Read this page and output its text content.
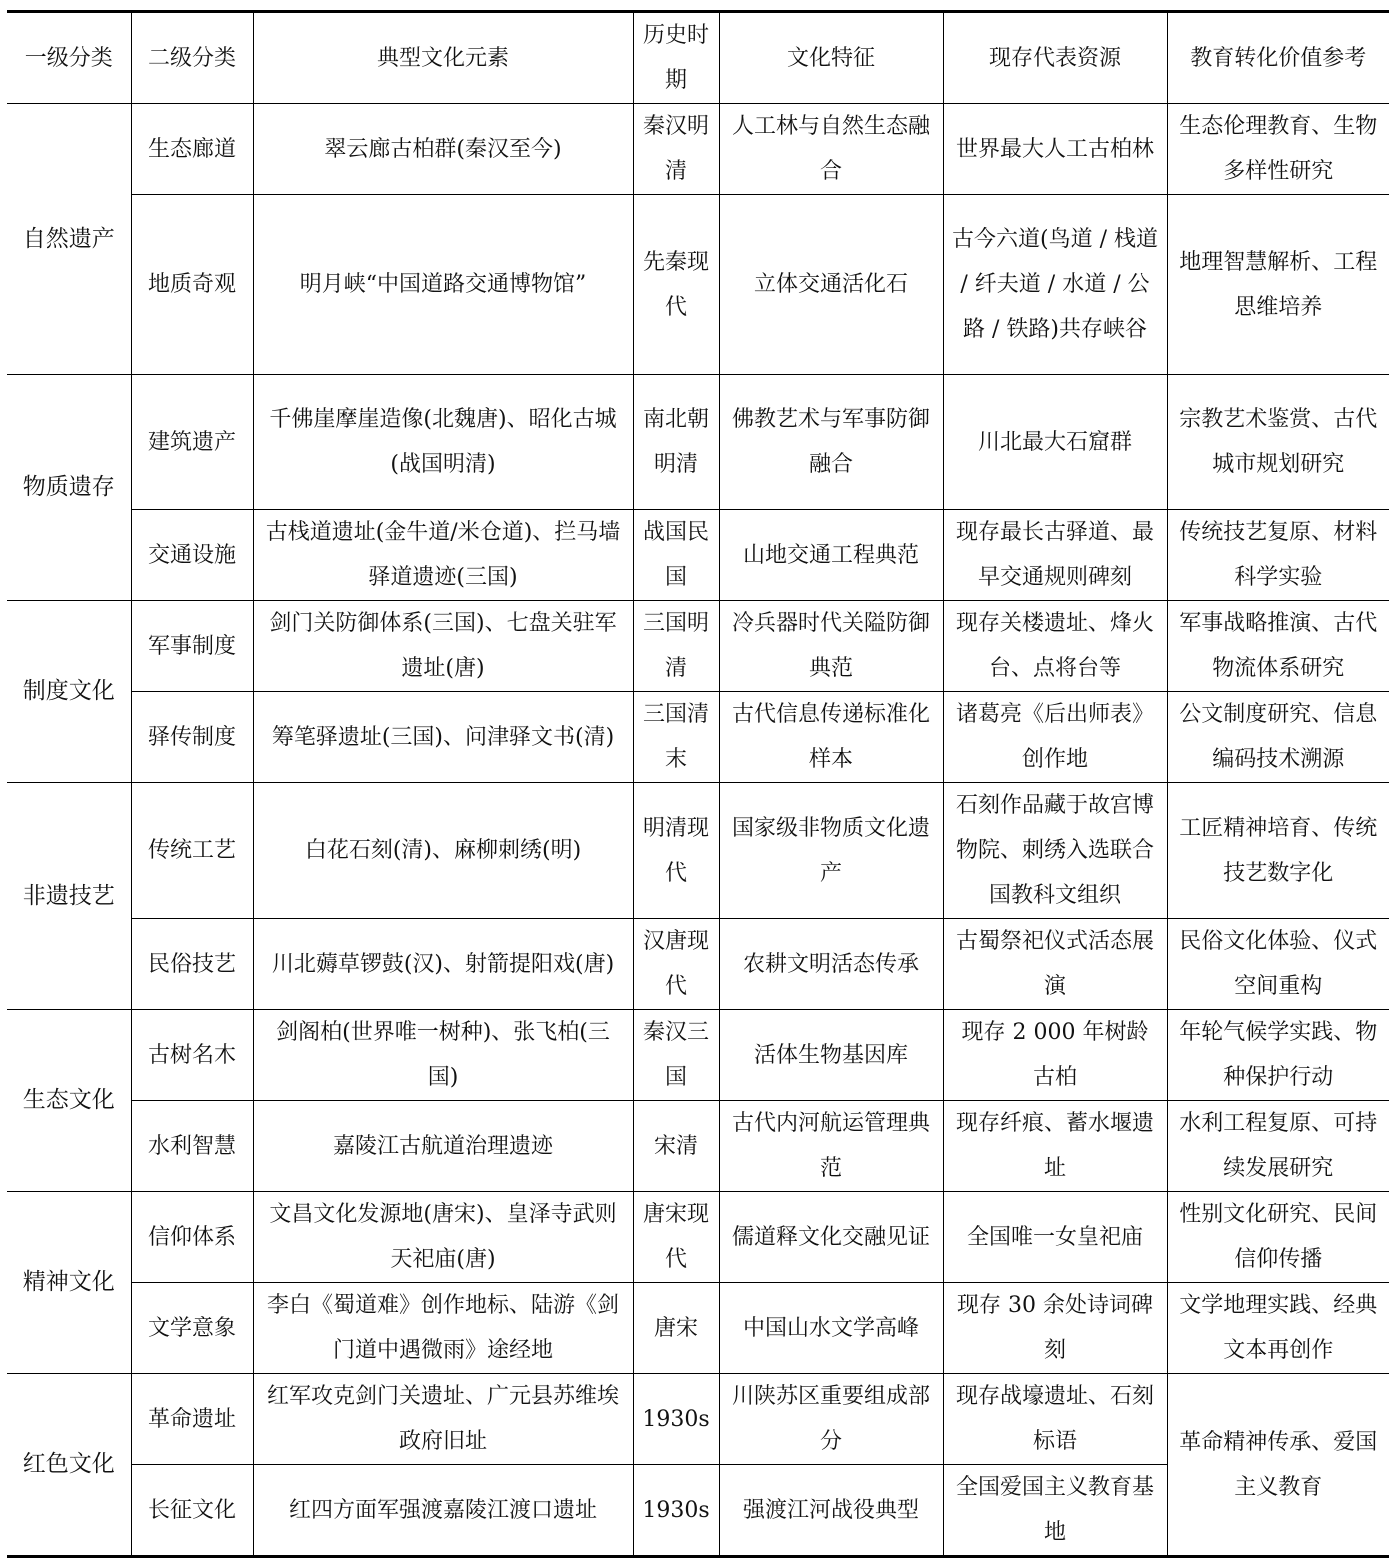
一级分类	二级分类	典型文化元素	历史时期	文化特征	现存代表资源	教育转化价值参考
自然遗产	生态廊道	翠云廊古柏群(秦汉至今)	秦汉明清	人工林与自然生态融合	世界最大人工古柏林	生态伦理教育、生物多样性研究
	地质奇观	明月峡“中国道路交通博物馆”	先秦现代	立体交通活化石	古今六道(鸟道 / 栈道 / 纤夫道 / 水道 / 公路 / 铁路)共存峡谷	地理智慧解析、工程思维培养
物质遗存	建筑遗产	千佛崖摩崖造像(北魏唐)、昭化古城(战国明清)	南北朝明清	佛教艺术与军事防御融合	川北最大石窟群	宗教艺术鉴赏、古代城市规划研究
	交通设施	古栈道遗址(金牛道/米仓道)、拦马墙驿道遗迹(三国)	战国民国	山地交通工程典范	现存最长古驿道、最早交通规则碑刻	传统技艺复原、材料科学实验
制度文化	军事制度	剑门关防御体系(三国)、七盘关驻军遗址(唐)	三国明清	冷兵器时代关隘防御典范	现存关楼遗址、烽火台、点将台等	军事战略推演、古代物流体系研究
	驿传制度	筹笔驿遗址(三国)、问津驿文书(清)	三国清末	古代信息传递标准化样本	诸葛亮《后出师表》创作地	公文制度研究、信息编码技术溯源
非遗技艺	传统工艺	白花石刻(清)、麻柳刺绣(明)	明清现代	国家级非物质文化遗产	石刻作品藏于故宫博物院、刺绣入选联合国教科文组织	工匠精神培育、传统技艺数字化
	民俗技艺	川北薅草锣鼓(汉)、射箭提阳戏(唐)	汉唐现代	农耕文明活态传承	古蜀祭祀仪式活态展演	民俗文化体验、仪式空间重构
生态文化	古树名木	剑阁柏(世界唯一树种)、张飞柏(三国)	秦汉三国	活体生物基因库	现存 2 000 年树龄古柏	年轮气候学实践、物种保护行动
	水利智慧	嘉陵江古航道治理遗迹	宋清	古代内河航运管理典范	现存纤痕、蓄水堰遗址	水利工程复原、可持续发展研究
精神文化	信仰体系	文昌文化发源地(唐宋)、皇泽寺武则天祀庙(唐)	唐宋现代	儒道释文化交融见证	全国唯一女皇祀庙	性别文化研究、民间信仰传播
	文学意象	李白《蜀道难》创作地标、陆游《剑门道中遇微雨》途经地	唐宋	中国山水文学高峰	现存 30 余处诗词碑刻	文学地理实践、经典文本再创作
红色文化	革命遗址	红军攻克剑门关遗址、广元县苏维埃政府旧址	1930s	川陕苏区重要组成部分	现存战壕遗址、石刻标语	革命精神传承、爱国主义教育
	长征文化	红四方面军强渡嘉陵江渡口遗址	1930s	强渡江河战役典型	全国爱国主义教育基地	
